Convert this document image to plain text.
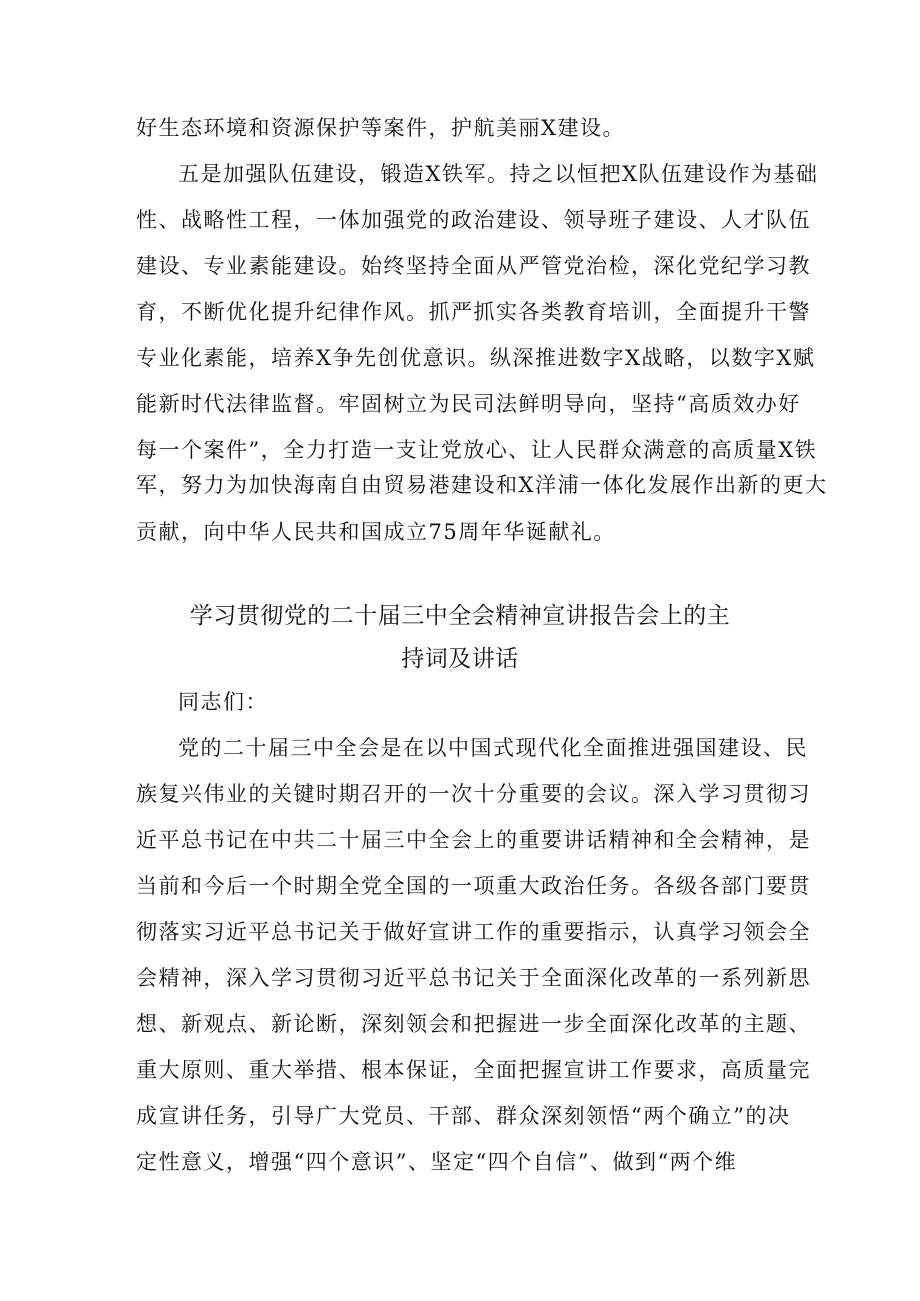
好生态环境和资源保护等案件，护航美丽X建设。
五是加强队伍建设，锻造X铁军。持之以恒把X队伍建设作为基础
性、战略性工程，一体加强党的政治建设、领导班子建设、人才队伍
建设、专业素能建设。始终坚持全面从严管党治检，深化党纪学习教
育，不断优化提升纪律作风。抓严抓实各类教育培训，全面提升干警
专业化素能，培养X争先创优意识。纵深推进数字X战略，以数字X赋
能新时代法律监督。牢固树立为民司法鲜明导向，坚持“高质效办好
每一个案件”，全力打造一支让党放心、让人民群众满意的高质量X铁
军，努力为加快海南自由贸易港建设和X洋浦一体化发展作出新的更大
贡献，向中华人民共和国成立75周年华诞献礼。
学习贯彻党的二十届三中全会精神宣讲报告会上的主
持词及讲话
同志们：
党的二十届三中全会是在以中国式现代化全面推进强国建设、民
族复兴伟业的关键时期召开的一次十分重要的会议。深入学习贯彻习
近平总书记在中共二十届三中全会上的重要讲话精神和全会精神，是
当前和今后一个时期全党全国的一项重大政治任务。各级各部门要贯
彻落实习近平总书记关于做好宣讲工作的重要指示，认真学习领会全
会精神，深入学习贯彻习近平总书记关于全面深化改革的一系列新思
想、新观点、新论断，深刻领会和把握进一步全面深化改革的主题、
重大原则、重大举措、根本保证，全面把握宣讲工作要求，高质量完
成宣讲任务，引导广大党员、干部、群众深刻领悟“两个确立”的决
定性意义，增强“四个意识”、坚定“四个自信”、做到“两个维
